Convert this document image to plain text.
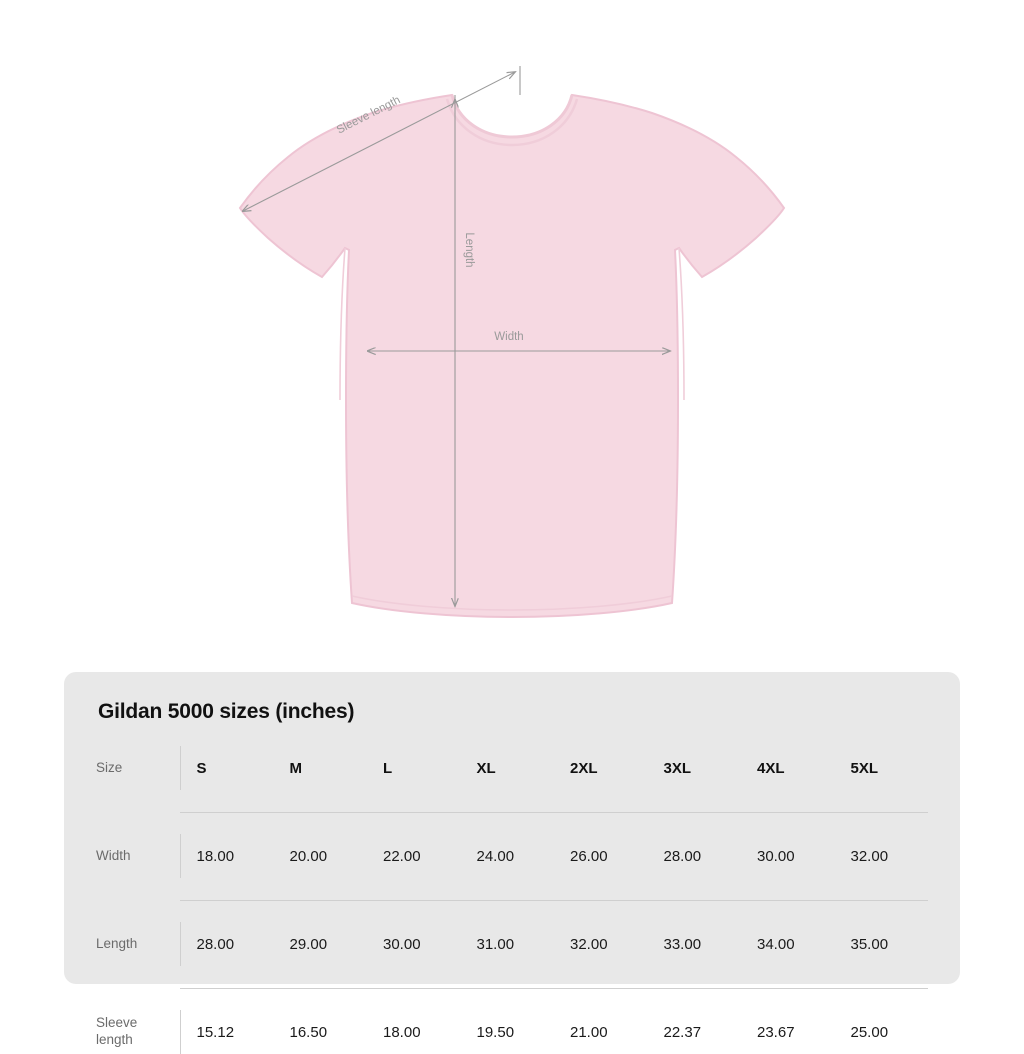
Sleeve length
Length
Width
Gildan 5000 sizes (inches)
Size	S	M	L	XL	2XL	3XL	4XL	5XL

Width	18.00	20.00	22.00	24.00	26.00	28.00	30.00	32.00

Length	28.00	29.00	30.00	31.00	32.00	33.00	34.00	35.00

Sleeve length	15.12	16.50	18.00	19.50	21.00	22.37	23.67	25.00
